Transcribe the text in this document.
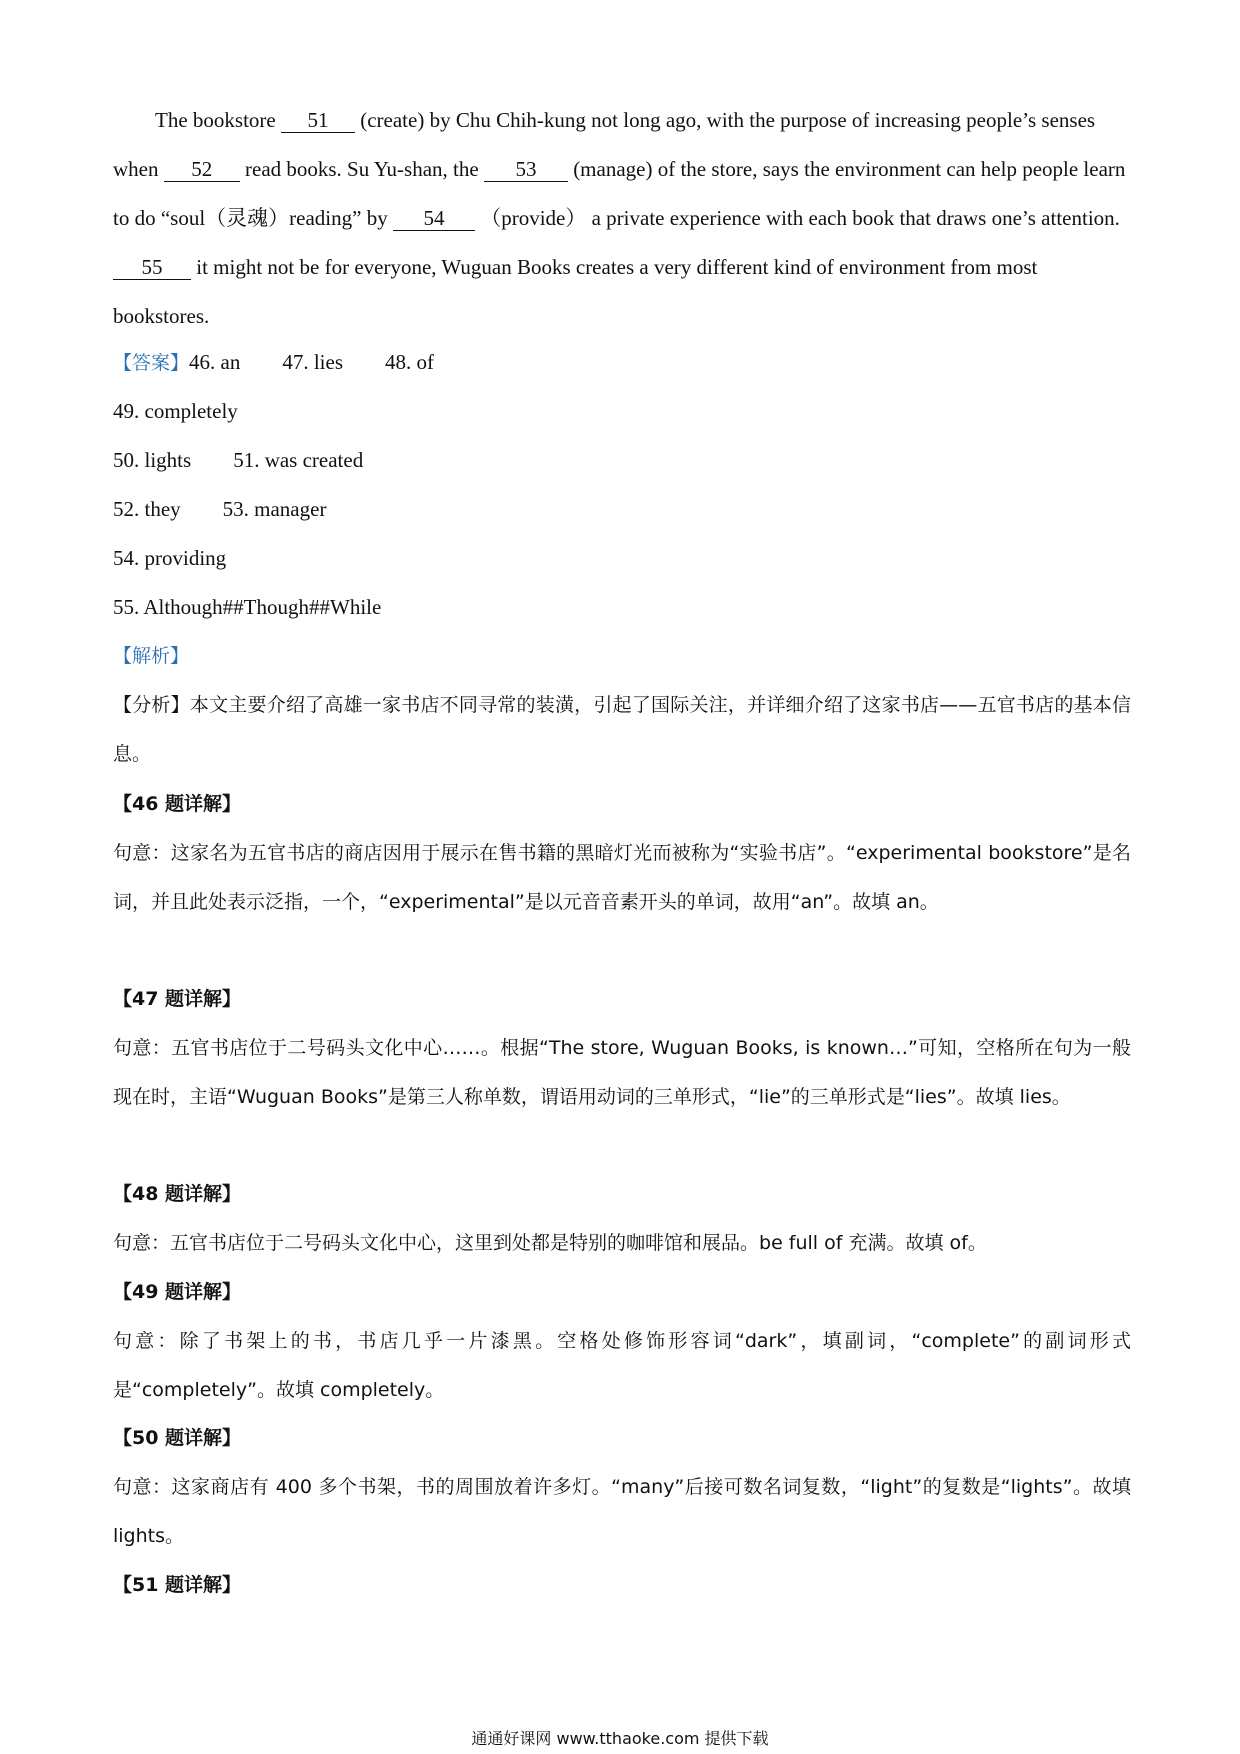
The bookstore 51 (create) by Chu Chih-kung not long ago, with the purpose of increasing people’s senses when 52 read books. Su Yu-shan, the 53 (manage) of the store, says the environment can help people learn to do “soul（灵魂）reading” by 54 （provide） a private experience with each book that draws one’s attention. 55 it might not be for everyone, Wuguan Books creates a very different kind of environment from most bookstores.

【答案】46. an 47. lies 48. of
49. completely
50. lights 51. was created
52. they 53. manager
54. providing
55. Although##Though##While
【解析】

【分析】本文主要介绍了高雄一家书店不同寻常的装潢，引起了国际关注，并详细介绍了这家书店——五官书店的基本信息。

【46 题详解】

句意：这家名为五官书店的商店因用于展示在售书籍的黑暗灯光而被称为“实验书店”。“experimental bookstore”是名词，并且此处表示泛指，一个，“experimental”是以元音音素开头的单词，故用“an”。故填 an。

【47 题详解】

句意：五官书店位于二号码头文化中心……。根据“The store, Wuguan Books, is known…”可知，空格所在句为一般现在时，主语“Wuguan Books”是第三人称单数，谓语用动词的三单形式，“lie”的三单形式是“lies”。故填 lies。

【48 题详解】

句意：五官书店位于二号码头文化中心，这里到处都是特别的咖啡馆和展品。be full of 充满。故填 of。

【49 题详解】

句意：除了书架上的书，书店几乎一片漆黑。空格处修饰形容词“dark”，填副词，“complete”的副词形式是“completely”。故填 completely。

【50 题详解】

句意：这家商店有 400 多个书架，书的周围放着许多灯。“many”后接可数名词复数，“light”的复数是“lights”。故填 lights。

【51 题详解】
通通好课网 www.tthaoke.com 提供下载
